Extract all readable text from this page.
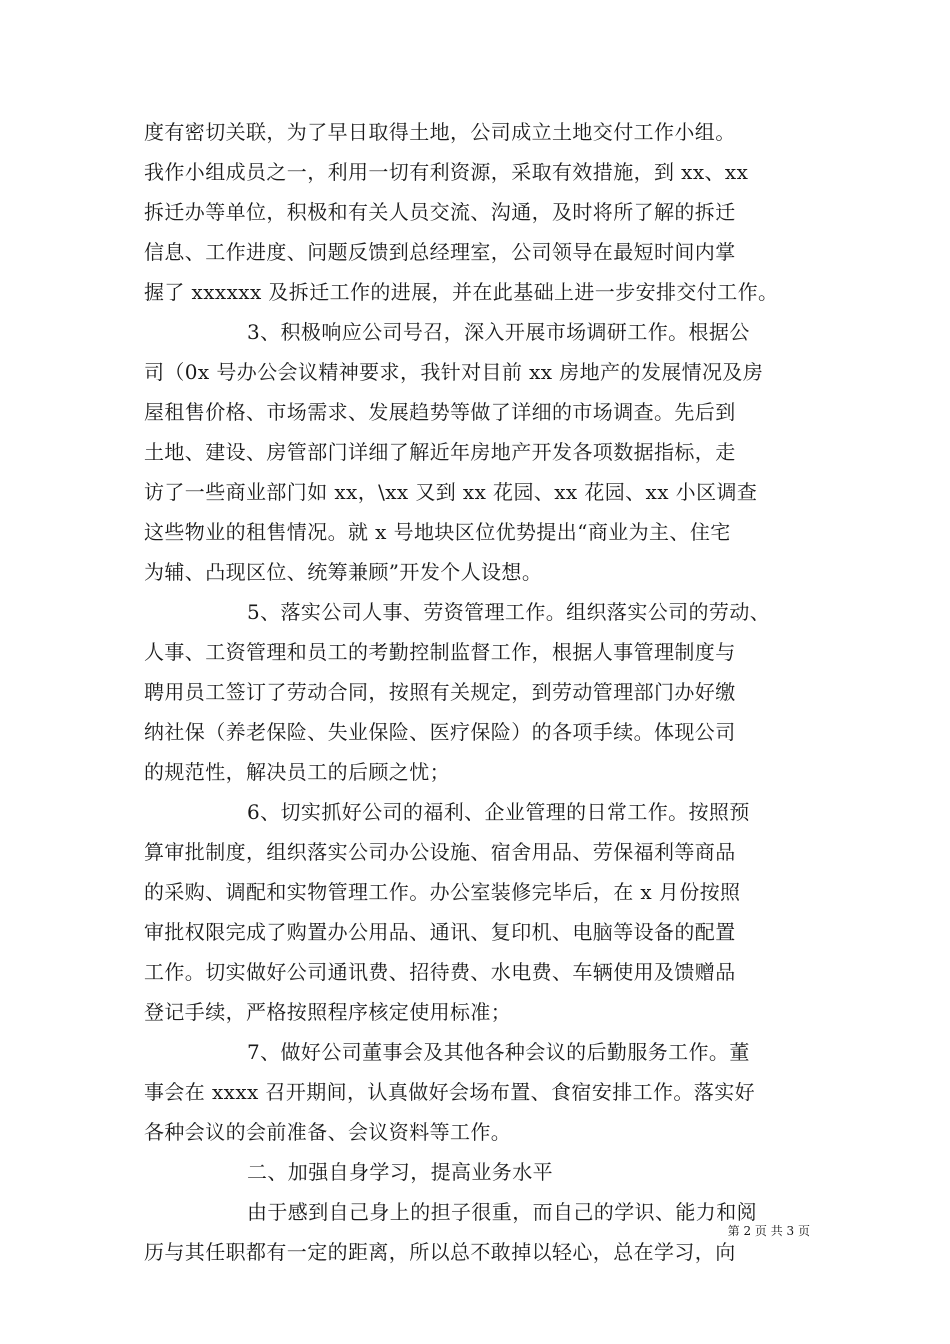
度有密切关联，为了早日取得土地，公司成立土地交付工作小组。
我作小组成员之一，利用一切有利资源，采取有效措施，到 xx、xx
拆迁办等单位，积极和有关人员交流、沟通，及时将所了解的拆迁
信息、工作进度、问题反馈到总经理室，公司领导在最短时间内掌
握了 xxxxxx 及拆迁工作的进展，并在此基础上进一步安排交付工作。
3、积极响应公司号召，深入开展市场调研工作。根据公
司（0x 号办公会议精神要求，我针对目前 xx 房地产的发展情况及房
屋租售价格、市场需求、发展趋势等做了详细的市场调查。先后到
土地、建设、房管部门详细了解近年房地产开发各项数据指标，走
访了一些商业部门如 xx，\xx 又到 xx 花园、xx 花园、xx 小区调查
这些物业的租售情况。就 x 号地块区位优势提出“商业为主、住宅
为辅、凸现区位、统筹兼顾”开发个人设想。
5、落实公司人事、劳资管理工作。组织落实公司的劳动、
人事、工资管理和员工的考勤控制监督工作，根据人事管理制度与
聘用员工签订了劳动合同，按照有关规定，到劳动管理部门办好缴
纳社保（养老保险、失业保险、医疗保险）的各项手续。体现公司
的规范性，解决员工的后顾之忧；
6、切实抓好公司的福利、企业管理的日常工作。按照预
算审批制度，组织落实公司办公设施、宿舍用品、劳保福利等商品
的采购、调配和实物管理工作。办公室装修完毕后，在 x 月份按照
审批权限完成了购置办公用品、通讯、复印机、电脑等设备的配置
工作。切实做好公司通讯费、招待费、水电费、车辆使用及馈赠品
登记手续，严格按照程序核定使用标准；
7、做好公司董事会及其他各种会议的后勤服务工作。董
事会在 xxxx 召开期间，认真做好会场布置、食宿安排工作。落实好
各种会议的会前准备、会议资料等工作。
二、加强自身学习，提高业务水平
由于感到自己身上的担子很重，而自己的学识、能力和阅
历与其任职都有一定的距离，所以总不敢掉以轻心，总在学习，向
第 2 页 共 3 页
